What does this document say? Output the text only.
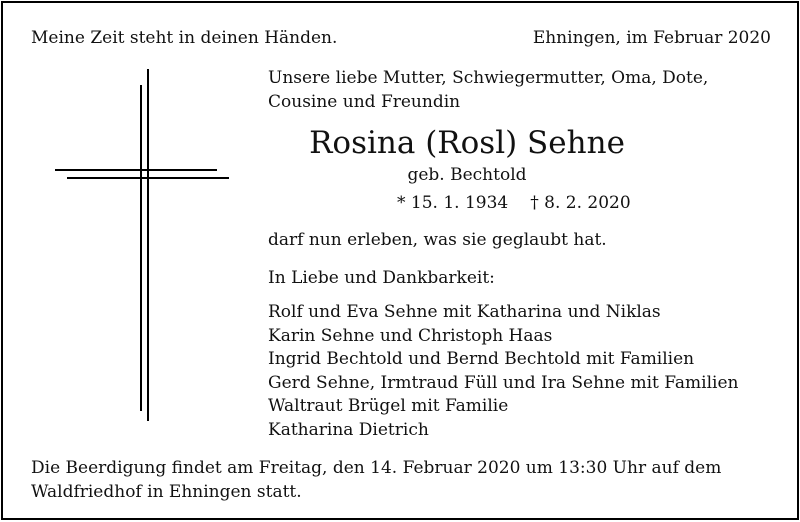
Meine Zeit steht in deinen Händen.	Ehningen, im Februar 2020
Unsere liebe Mutter, Schwiegermutter, Oma, Dote,
Cousine und Freundin
Rosina (Rosl) Sehne
geb. Bechtold
* 15. 1. 1934 † 8. 2. 2020
darf nun erleben, was sie geglaubt hat.
In Liebe und Dankbarkeit:
Rolf und Eva Sehne mit Katharina und Niklas
Karin Sehne und Christoph Haas
Ingrid Bechtold und Bernd Bechtold mit Familien
Gerd Sehne, Irmtraud Füll und Ira Sehne mit Familien
Waltraut Brügel mit Familie
Katharina Dietrich
Die Beerdigung findet am Freitag, den 14. Februar 2020 um 13:30 Uhr auf dem
Waldfriedhof in Ehningen statt.
